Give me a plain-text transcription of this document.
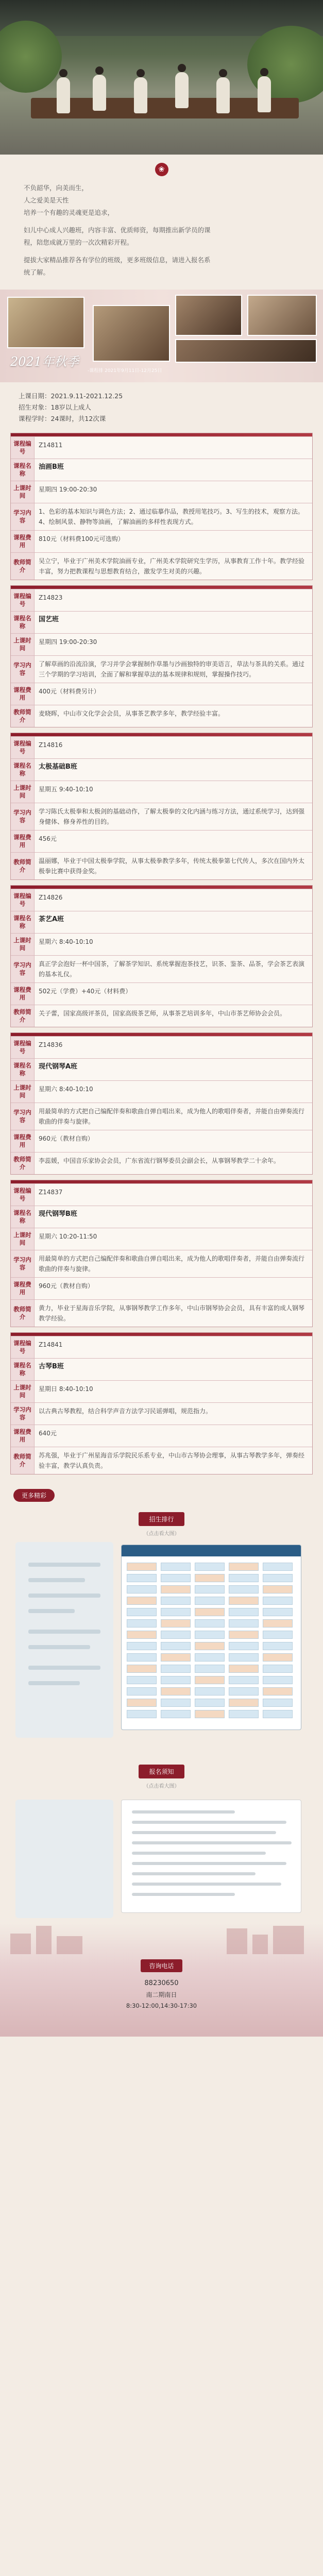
❀

不负韶华，向美而生，

人之爱美是天性

培养一个有趣的灵魂更是追求，

妇儿中心成人兴趣班，内容丰富、优质师资，每期推出新学员的课

程，陪您成就万里的一次次精彩开程。

提拔大家精品推荐各有学位的班级，更多班级信息，请进入报名系

统了解。

2021年秋季
-课程排 2021年9月11日-12月25日

上课日期：2021.9.11-2021.12.25

招生对象：18岁以上成人

课程学时：24课时，共12次课

课程编号
Z14811
课程名称
油画B班
上课时间
星期四 19:00-20:30
学习内容
1、色彩的基本知识与调色方法；2、通过临摹作品，教授用笔技巧。3、写生的技术，观察方法。4、绘制风景、静物等油画，了解油画的多样性表现方式。
课程费用
810元（材料费100元可选购）
教师简介
吴立宁，毕业于广州美术学院油画专业，广州美术学院研究生学历，从事教育工作十年。教学经验丰富，努力把教课程与思想教育结合，激发学生对美的兴趣。
课程编号
Z14823
课程名称
国艺班
上课时间
星期四 19:00-20:30
学习内容
了解草画的沿流沿演，学习并学会掌握制作草墨与沙画独特的审美语言，草法与茶具的关系。通过三个学期的学习培训，全面了解和掌握草法的基本规律和规则，掌握操作技巧。
课程费用
400元（材料费另计）
教师简介
麦晓晖，中山市文化学会会员，从事茶艺教学多年，教学经验丰富。
课程编号
Z14816
课程名称
太极基础B班
上课时间
星期五 9:40-10:10
学习内容
学习陈氏太极拳和太极剑的基础动作，了解太极拳的文化内涵与练习方法，通过系统学习，达到强身健体、修身养性的目的。
课程费用
456元
教师简介
温丽娜，毕业于中国太极拳学院，从事太极拳教学多年，传统太极拳第七代传人，多次在国内外太极拳比赛中获得金奖。
课程编号
Z14826
课程名称
茶艺A班
上课时间
星期六 8:40-10:10
学习内容
真正学会泡好一杯中国茶，了解茶学知识、系统掌握泡茶技艺，识茶、鉴茶、品茶，学会茶艺表演的基本礼仪。
课程费用
502元（学费）+40元（材料费）
教师简介
关子蕾，国家高级评茶员，国家高级茶艺师，从事茶艺培训多年，中山市茶艺师协会会员。
课程编号
Z14836
课程名称
现代钢琴A班
上课时间
星期六 8:40-10:10
学习内容
用最简单的方式把自己编配伴奏和歌曲自弹自唱出来，成为他人的歌唱伴奏者，并能自由弹奏流行歌曲的伴奏与旋律。
课程费用
960元（教材自购）
教师简介
李蕊媛，中国音乐家协会会员，广东省流行钢琴委员会副会长，从事钢琴教学二十余年。
课程编号
Z14837
课程名称
现代钢琴B班
上课时间
星期六 10:20-11:50
学习内容
用最简单的方式把自己编配伴奏和歌曲自弹自唱出来，成为他人的歌唱伴奏者，并能自由弹奏流行歌曲的伴奏与旋律。
课程费用
960元（教材自购）
教师简介
黄力，毕业于星海音乐学院，从事钢琴教学工作多年，中山市钢琴协会会员，具有丰富的成人钢琴教学经验。
课程编号
Z14841
课程名称
古琴B班
上课时间
星期日 8:40-10:10
学习内容
以古典古琴教程，结合科学声音方法学习民谣弹唱，规范指力。
课程费用
640元
教师简介
苏兆强，毕业于广州星海音乐学院民乐系专业，中山市古琴协会理事，从事古琴教学多年，弹奏经验丰富，教学认真负责。
更多精彩
招生排行
（点击看大图）
报名须知
（点击看大图）
咨询电话
88230650
南二期南日
8:30-12:00,14:30-17:30
